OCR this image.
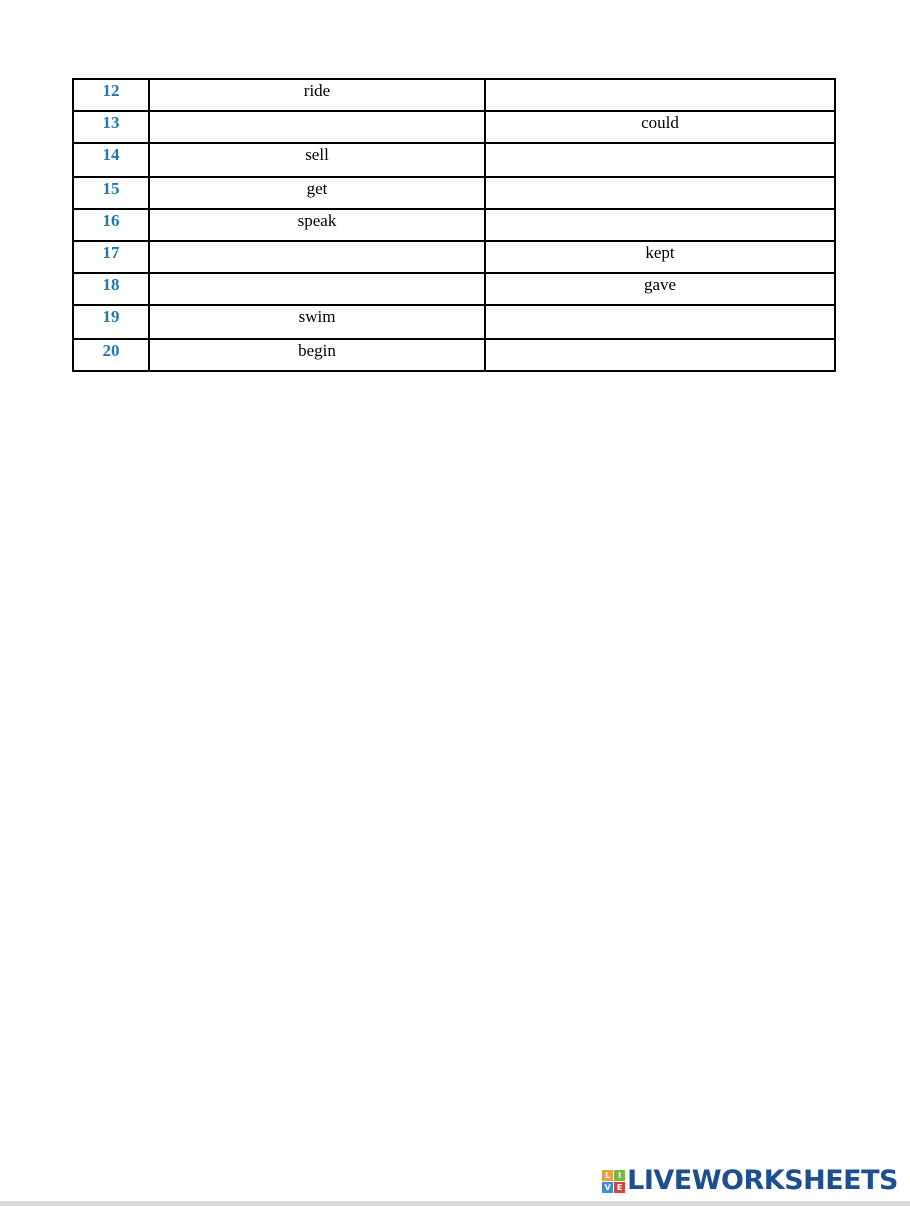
12	ride	
13		could
14	sell	
15	get	
16	speak	
17		kept
18		gave
19	swim	
20	begin	
L I
V E LIVEWORKSHEETS
